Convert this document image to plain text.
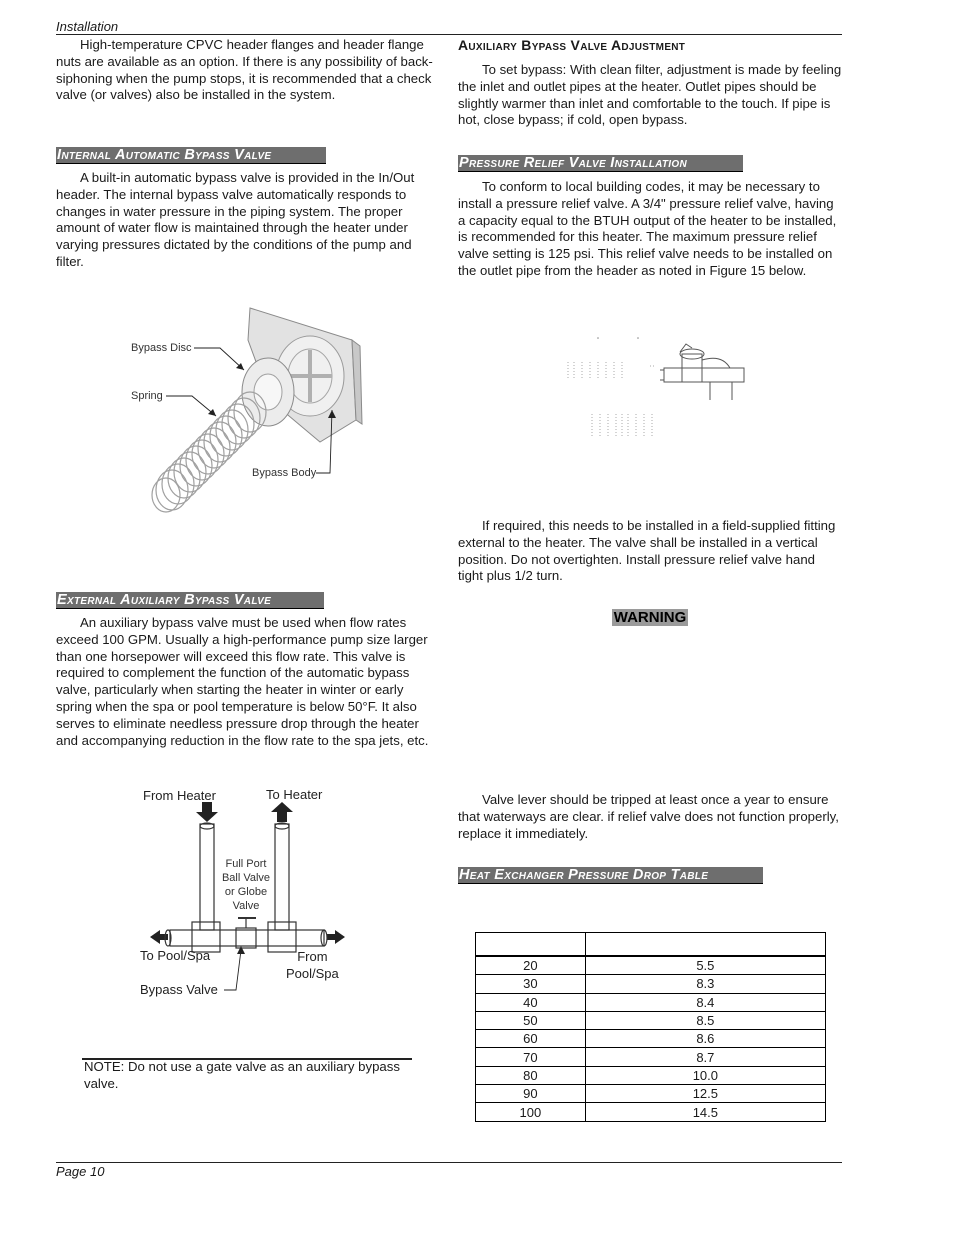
Installation

High-temperature CPVC header flanges and header flange nuts are available as an option. If there is any possibility of back-siphoning when the pump stops, it is recommended that a check valve (or valves) also be installed in the system.

Internal Automatic Bypass Valve

A built-in automatic bypass valve is provided in the In/Out header. The internal bypass valve automatically responds to changes in water pressure in the piping system. The proper amount of water flow is maintained through the heater under varying pressures dictated by the conditions of the pump and filter.

Bypass Disc
Spring
Bypass Body
External Auxiliary Bypass Valve

An auxiliary bypass valve must be used when flow rates exceed 100 GPM. Usually a high-performance pump size larger than one horsepower will exceed this flow rate. This valve is required to complement the function of the automatic bypass valve, particularly when starting the heater in winter or early spring when the spa or pool temperature is below 50°F. It also serves to eliminate needless pressure drop through the heater and accompanying reduction in the flow rate to the spa jets, etc.

From Heater	To Heater
Full Port
Ball Valve
or Globe
Valve
To Pool/Spa	From
Pool/Spa
Bypass Valve

NOTE: Do not use a gate valve as an auxiliary bypass valve.

Auxiliary Bypass Valve Adjustment

To set bypass: With clean filter, adjustment is made by feeling the inlet and outlet pipes at the heater. Outlet pipes should be slightly warmer than inlet and comfortable to the touch. If pipe is hot, close bypass; if cold, open bypass.

Pressure Relief Valve Installation

To conform to local building codes, it may be necessary to install a pressure relief valve. A 3/4" pressure relief valve, having a capacity equal to the BTUH output of the heater to be installed, is recommended for this heater. The maximum pressure relief valve setting is 125 psi. This relief valve needs to be installed on the outlet pipe from the header as noted in Figure 15 below.

If required, this needs to be installed in a field-supplied fitting external to the heater. The valve shall be installed in a vertical position. Do not overtighten. Install pressure relief valve hand tight plus 1/2 turn.

WARNING

Valve lever should be tripped at least once a year to ensure that waterways are clear. if relief valve does not function properly, replace it immediately.

Heat Exchanger Pressure Drop Table

20	5.5
30	8.3
40	8.4
50	8.5
60	8.6
70	8.7
80	10.0
90	12.5
100	14.5
Page 10
